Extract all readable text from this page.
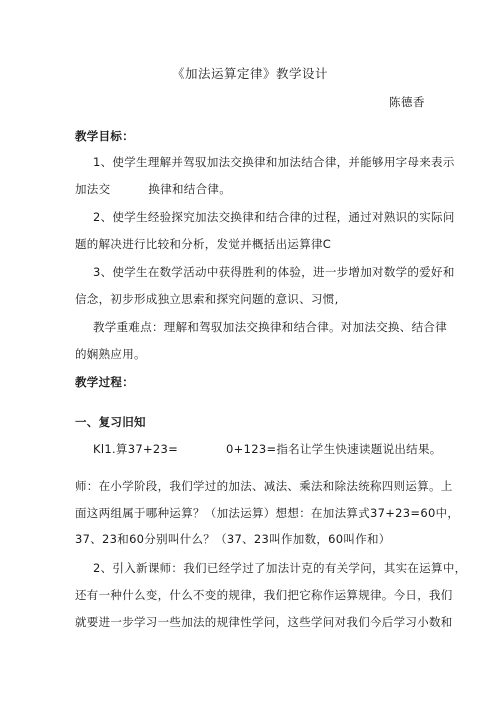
《加法运算定律》教学设计
陈德香
教学目标：
1、使学生理解并驾驭加法交换律和加法结合律，并能够用字母来表示
加法交	换律和结合律。
2、使学生经验探究加法交换律和结合律的过程，通过对熟识的实际问
题的解决进行比较和分析，发觉并概括出运算律C
3、使学生在数学活动中获得胜利的体验，进一步增加对数学的爱好和
信念，初步形成独立思索和探究问题的意识、习惯,
教学重难点：理解和驾驭加法交换律和结合律。对加法交换、结合律
的娴熟应用。
教学过程：
一、复习旧知
Kl1.算37+23=	0+123=指名让学生快速读题说出结果。
师：在小学阶段，我们学过的加法、减法、乘法和除法统称四则运算。上
面这两组属于哪种运算？（加法运算）想想：在加法算式37+23=60中，
37、23和60分别叫什么？（37、23叫作加数，60叫作和）
2、引入新课师：我们已经学过了加法计克的有关学问，其实在运算中，
还有一种什么变，什么不变的规律，我们把它称作运算规律。今日，我们
就要进一步学习一些加法的规律性学问，这些学问对我们今后学习小数和
